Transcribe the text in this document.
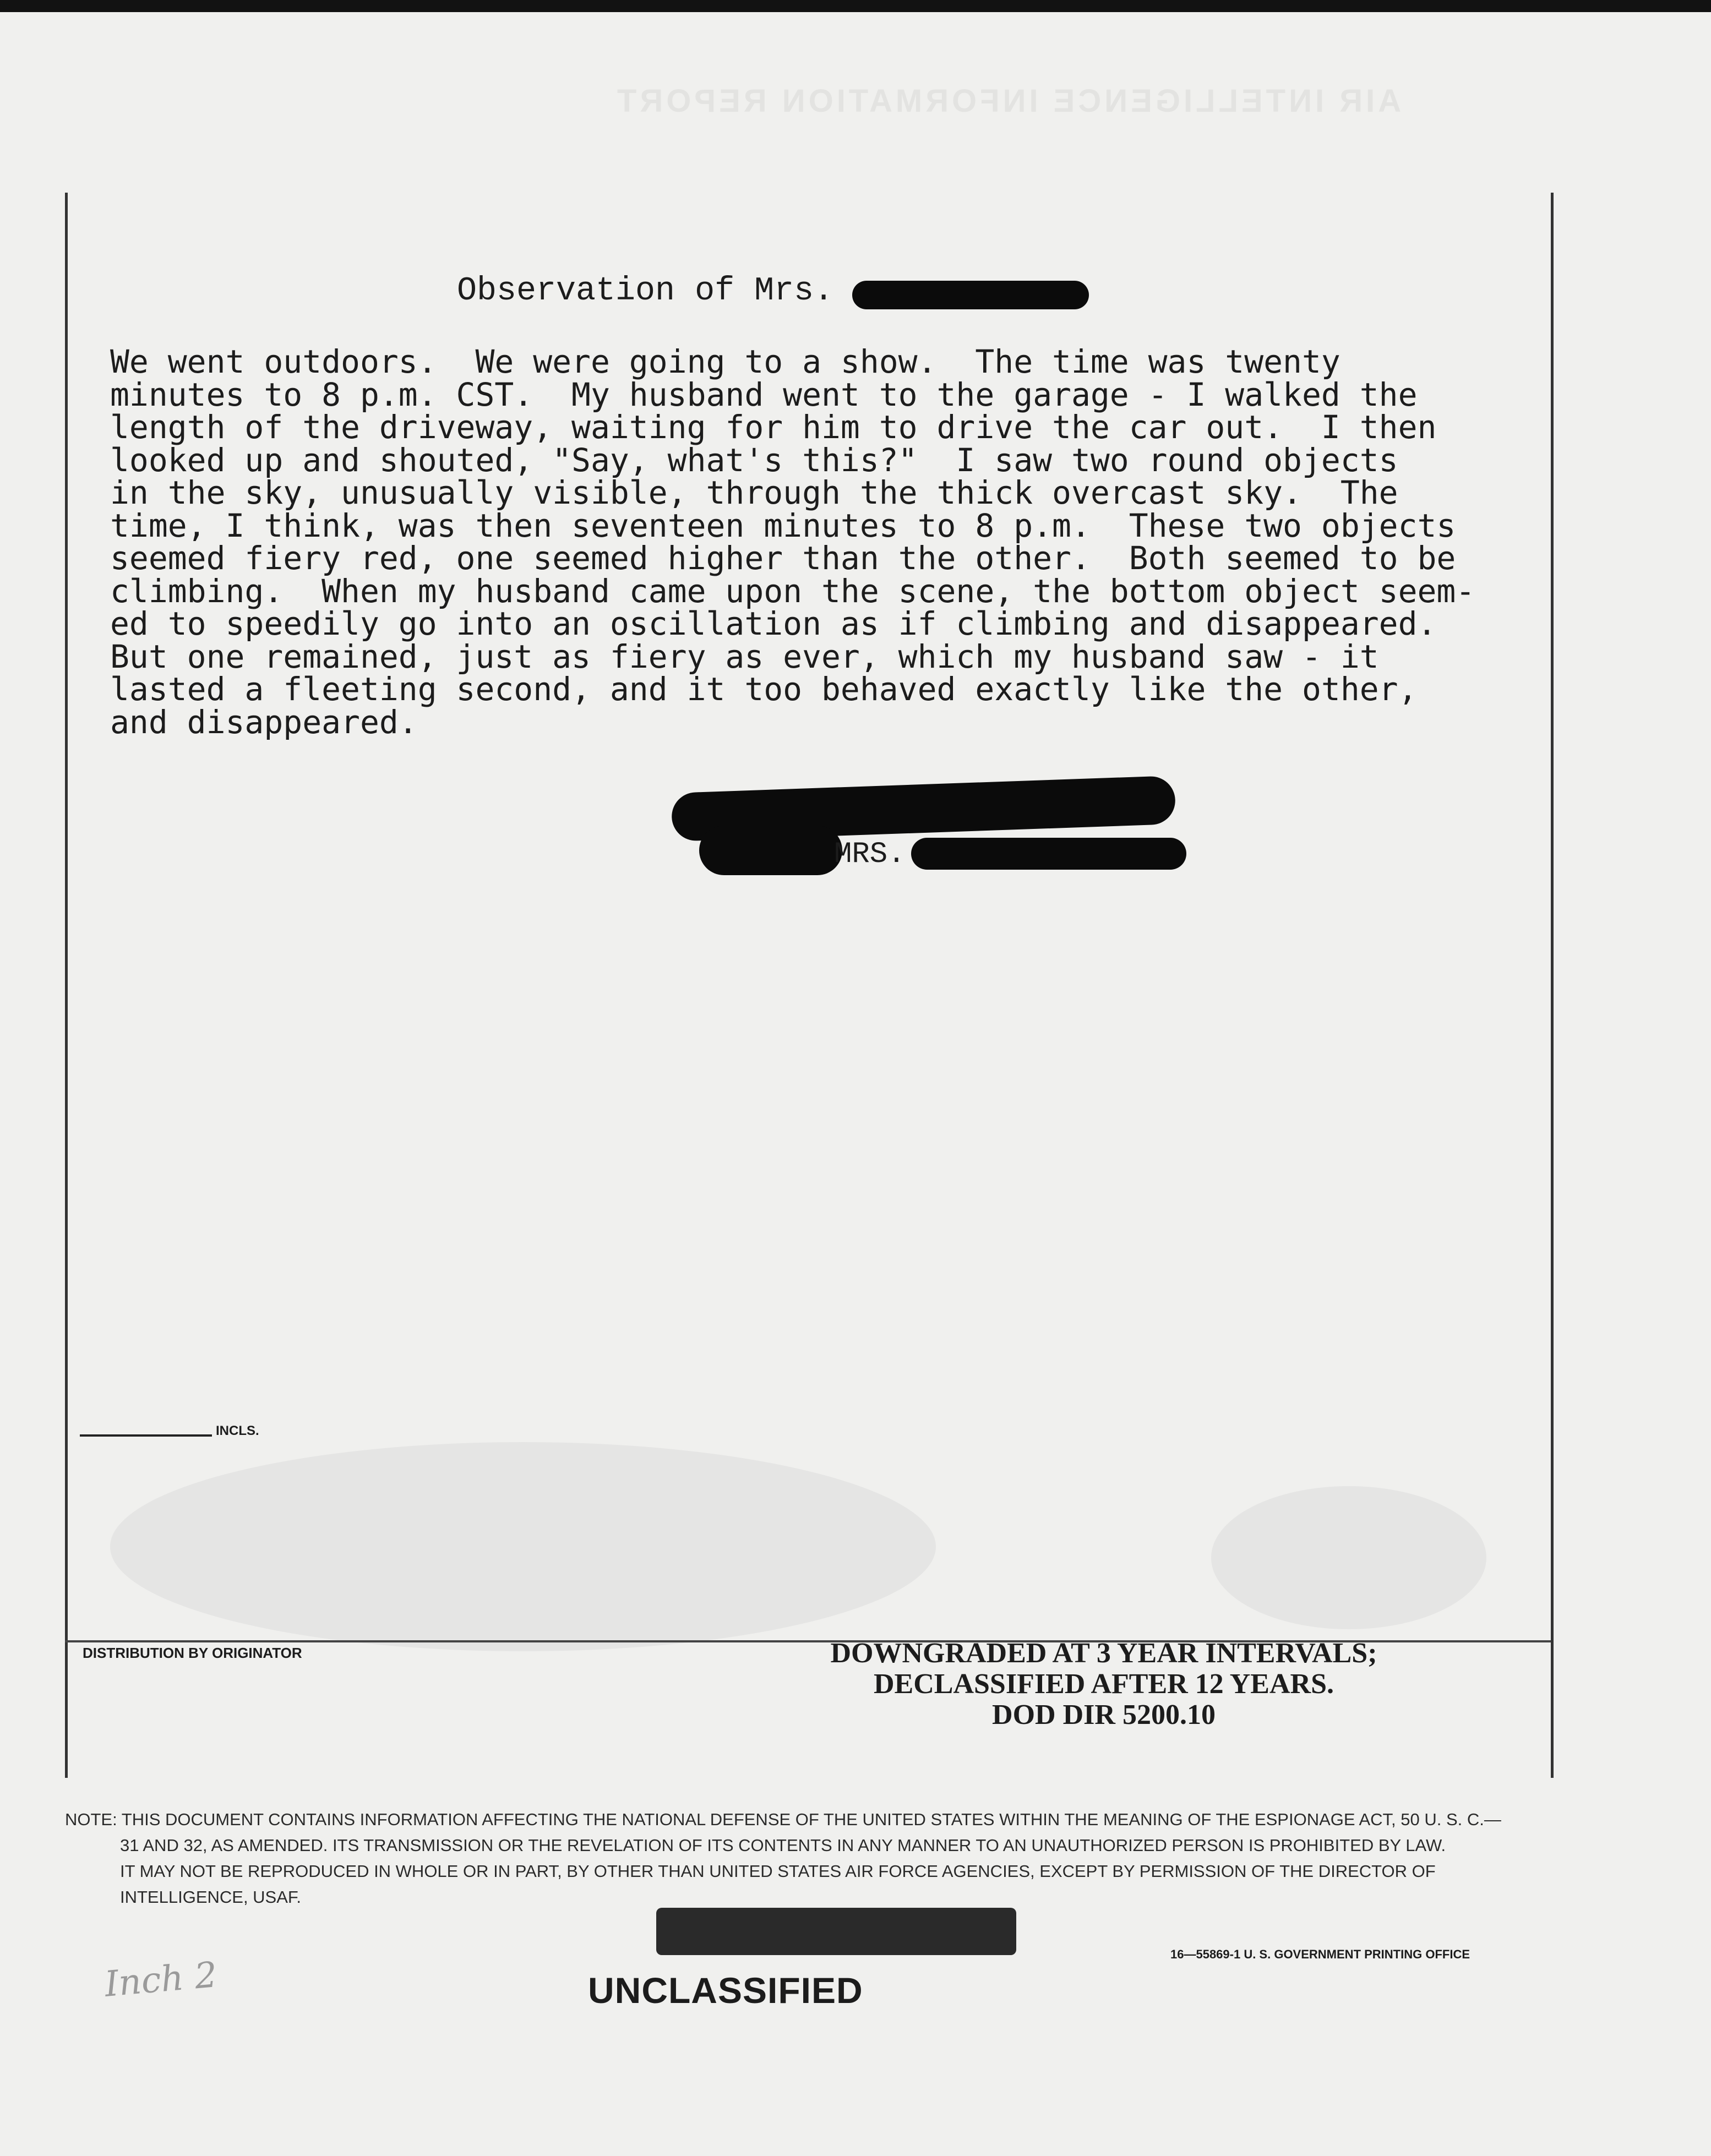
AIR INTELLIGENCE INFORMATION REPORT
Observation of Mrs.
We went outdoors.  We were going to a show.  The time was twenty
minutes to 8 p.m. CST.  My husband went to the garage - I walked the
length of the driveway, waiting for him to drive the car out.  I then
looked up and shouted, "Say, what's this?"  I saw two round objects
in the sky, unusually visible, through the thick overcast sky.  The
time, I think, was then seventeen minutes to 8 p.m.  These two objects
seemed fiery red, one seemed higher than the other.  Both seemed to be
climbing.  When my husband came upon the scene, the bottom object seem-
ed to speedily go into an oscillation as if climbing and disappeared.
But one remained, just as fiery as ever, which my husband saw - it
lasted a fleeting second, and it too behaved exactly like the other,
and disappeared.
MRS.
INCLS.
DISTRIBUTION BY ORIGINATOR	DOWNGRADED AT 3 YEAR INTERVALS;
DECLASSIFIED AFTER 12 YEARS.
DOD DIR 5200.10
NOTE: THIS DOCUMENT CONTAINS INFORMATION AFFECTING THE NATIONAL DEFENSE OF THE UNITED STATES WITHIN THE MEANING OF THE ESPIONAGE ACT, 50 U. S. C.—
31 AND 32, AS AMENDED. ITS TRANSMISSION OR THE REVELATION OF ITS CONTENTS IN ANY MANNER TO AN UNAUTHORIZED PERSON IS PROHIBITED BY LAW.
IT MAY NOT BE REPRODUCED IN WHOLE OR IN PART, BY OTHER THAN UNITED STATES AIR FORCE AGENCIES, EXCEPT BY PERMISSION OF THE DIRECTOR OF
INTELLIGENCE, USAF.
16—55869-1 U. S. GOVERNMENT PRINTING OFFICE
Inch 2	UNCLASSIFIED
